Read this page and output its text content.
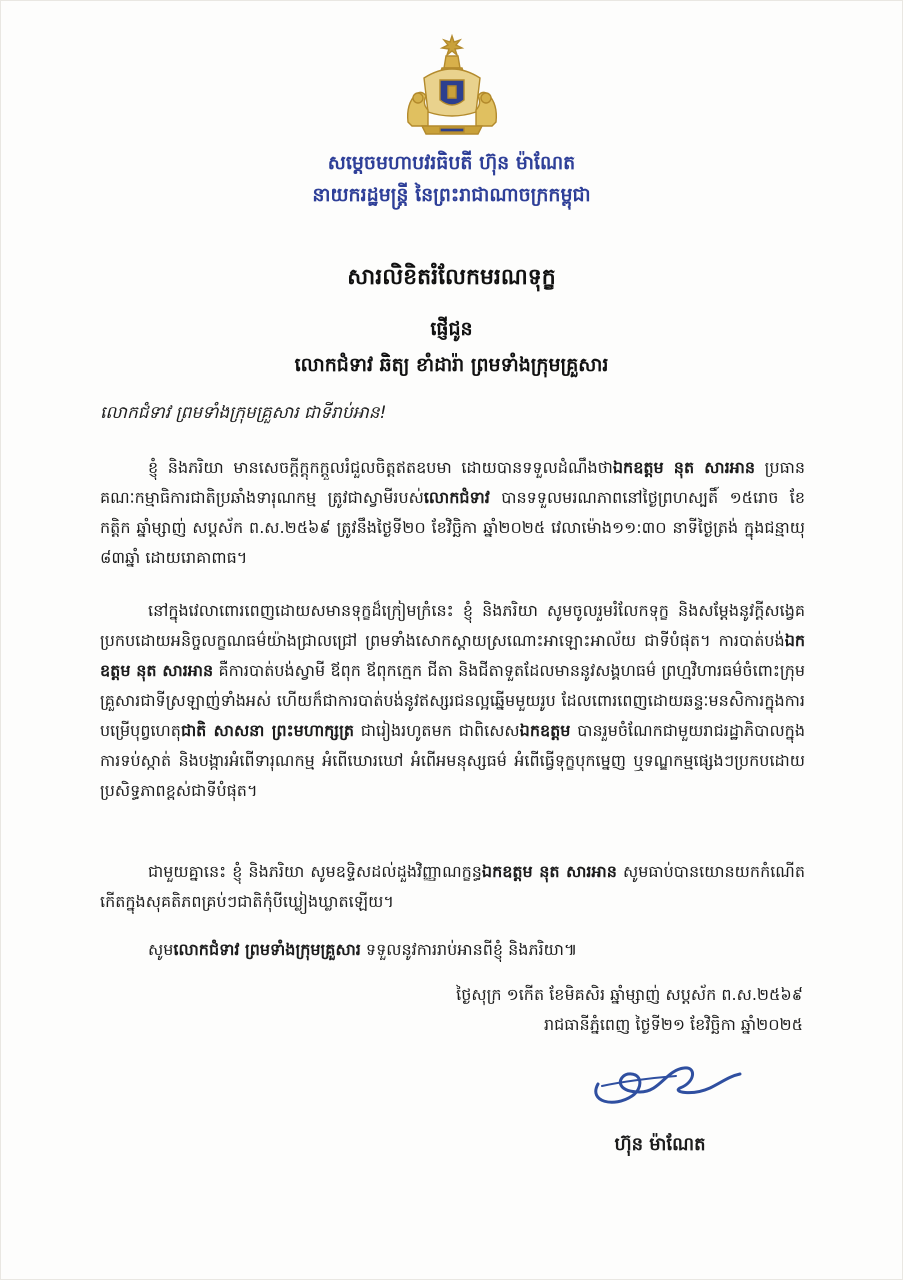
សម្តេចមហាបវរធិបតី ហ៊ុន ម៉ាណែត
នាយករដ្ឋមន្ត្រី នៃព្រះរាជាណាចក្រកម្ពុជា
សារលិខិតរំលែកមរណទុក្ខ
ផ្ញើជូន
លោកជំទាវ ឆិត្យ ខាំដារ៉ា ព្រមទាំងក្រុមគ្រួសារ
លោកជំទាវ ព្រមទាំងក្រុមគ្រួសារ ជាទីរាប់អាន!

ខ្ញុំ និងភរិយា មានសេចក្តីក្តុកក្តួលរំជួលចិត្តឥតឧបមា ដោយបានទទួលដំណឹងថាឯកឧត្តម នុត សារអាន ប្រធានគណៈកម្មាធិការជាតិប្រឆាំងទារុណកម្ម ត្រូវជាស្វាមីរបស់លោកជំទាវ បានទទួលមរណភាពនៅថ្ងៃព្រហស្បតិ៍ ១៥រោច ខែកត្តិក ឆ្នាំម្សាញ់ សប្តស័ក ព.ស.២៥៦៩ ត្រូវនឹងថ្ងៃទី២០ ខែវិច្ឆិកា ឆ្នាំ២០២៥ វេលាម៉ោង១១:៣០ នាទីថ្ងៃត្រង់ ក្នុងជន្មាយុ ៨៣ឆ្នាំ ដោយរោគាពាធ។

នៅក្នុងវេលាពោរពេញដោយសមានទុក្ខដ៏ក្រៀមក្រំនេះ ខ្ញុំ និងភរិយា សូមចូលរួមរំលែកទុក្ខ និងសម្តែងនូវក្តីសង្វេគប្រកបដោយអនិច្ចលក្ខណធម៌យ៉ាងជ្រាលជ្រៅ ព្រមទាំងសោកស្តាយស្រណោះអាឡោះអាល័យ ជាទីបំផុត។ ការបាត់បង់ឯកឧត្តម នុត សារអាន គឺការបាត់បង់ស្វាមី ឪពុក ឪពុកក្មេក ជីតា និងជីតាទួតដែលមាននូវសង្គហធម៌ ព្រហ្មវិហារធម៌ចំពោះក្រុមគ្រួសារជាទីស្រឡាញ់ទាំងអស់ ហើយក៏ជាការបាត់បង់នូវឥស្សរជនល្អឆ្នើមមួយរូប ដែលពោរពេញដោយឆន្ទៈមនសិការក្នុងការបម្រើបុព្វហេតុជាតិ សាសនា ព្រះមហាក្សត្រ ជារៀងរហូតមក ជាពិសេសឯកឧត្តម បានរួមចំណែកជាមួយរាជរដ្ឋាភិបាលក្នុងការទប់ស្កាត់ និងបង្ការអំពើទារុណកម្ម អំពើឃោរឃៅ អំពើអមនុស្សធម៌ អំពើធ្វើទុក្ខបុកម្នេញ ឬទណ្ឌកម្មផ្សេងៗប្រកបដោយប្រសិទ្ធភាពខ្ពស់ជាទីបំផុត។

ជាមួយគ្នានេះ ខ្ញុំ និងភរិយា សូមឧទ្ទិសដល់ដួងវិញ្ញាណក្ខន្ធឯកឧត្តម នុត សារអាន សូមធាប់បានយោនយកកំណើតកើតក្នុងសុគតិភពគ្រប់ៗជាតិកុំបីឃ្លៀងឃ្លាតឡើយ។

សូមលោកជំទាវ ព្រមទាំងក្រុមគ្រួសារ ទទួលនូវការរាប់អានពីខ្ញុំ និងភរិយា៕
ថ្ងៃសុក្រ ១កើត ខែមិគសិរ ឆ្នាំម្សាញ់ សប្តស័ក ព.ស.២៥៦៩
រាជធានីភ្នំពេញ ថ្ងៃទី២១ ខែវិច្ឆិកា ឆ្នាំ២០២៥
ហ៊ុន ម៉ាណែត
